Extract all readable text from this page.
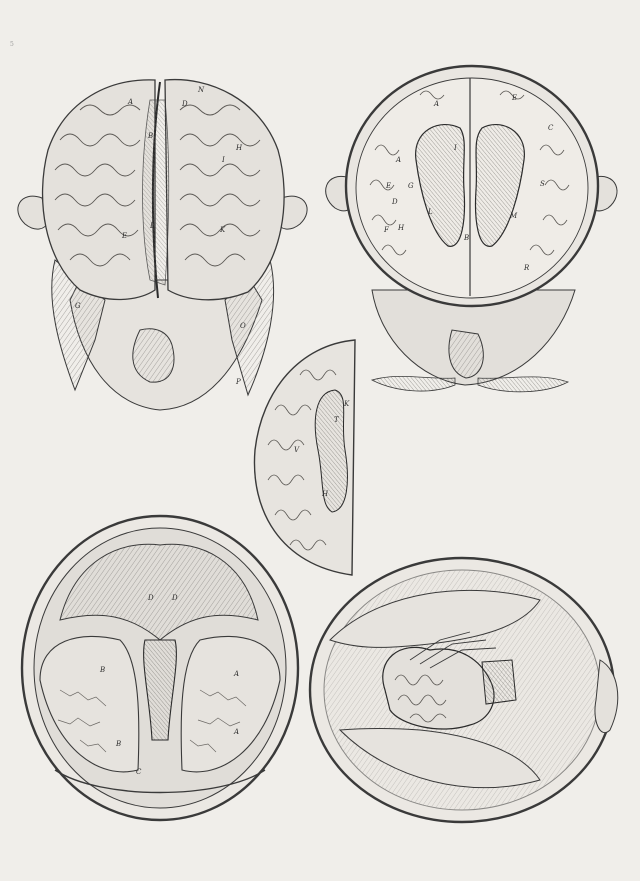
5
A
N
D
B
H
I
L
E
K
O
G
P
A
E
C
I
A
E
L	M
F H
B
R
S
G
D
K
T
V
H
D	D
B	A
B
C
A
